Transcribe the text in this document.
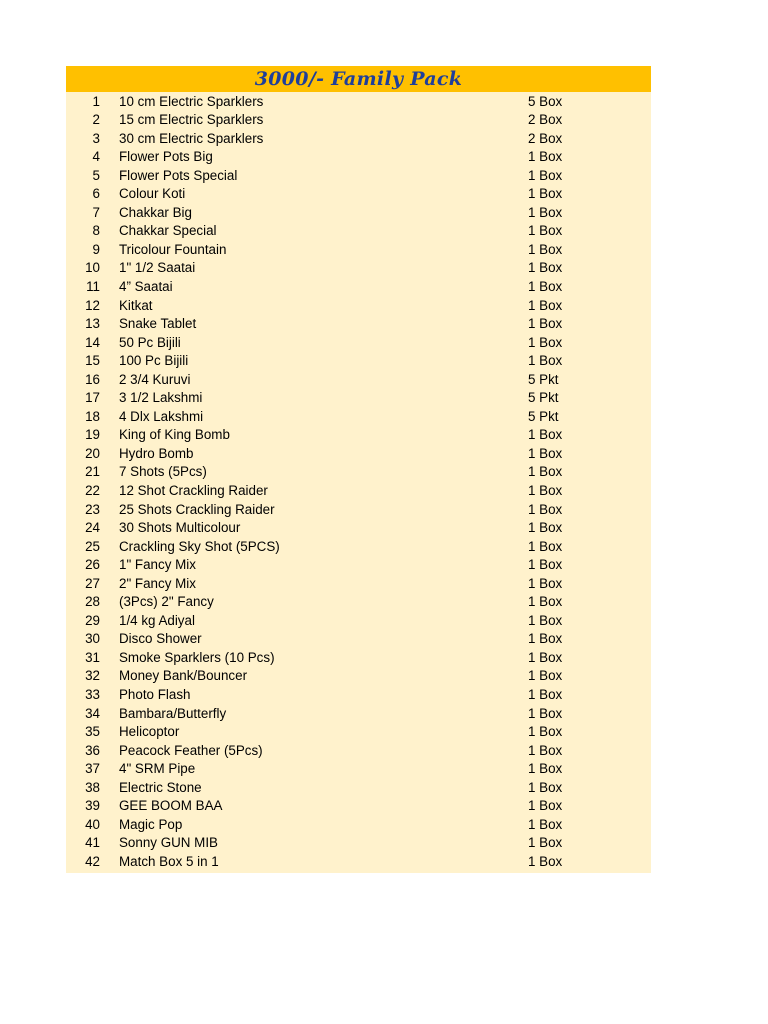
3000/- Family Pack
1 10 cm Electric Sparklers	5 Box
2 15 cm Electric Sparklers	2 Box
3 30 cm Electric Sparklers	2 Box
4 Flower Pots Big	1 Box
5 Flower Pots Special	1 Box
6 Colour Koti	1 Box
7 Chakkar Big	1 Box
8 Chakkar Special	1 Box
9 Tricolour Fountain	1 Box
10 1" 1/2 Saatai	1 Box
11 4” Saatai	1 Box
12 Kitkat	1 Box
13 Snake Tablet	1 Box
14 50 Pc Bijili	1 Box
15 100 Pc Bijili	1 Box
16 2 3/4 Kuruvi	5 Pkt
17 3 1/2 Lakshmi	5 Pkt
18 4 Dlx Lakshmi	5 Pkt
19 King of King Bomb	1 Box
20 Hydro Bomb	1 Box
21 7 Shots (5Pcs)	1 Box
22 12 Shot Crackling Raider	1 Box
23 25 Shots Crackling Raider	1 Box
24 30 Shots Multicolour	1 Box
25 Crackling Sky Shot (5PCS)	1 Box
26 1" Fancy Mix	1 Box
27 2" Fancy Mix	1 Box
28 (3Pcs) 2" Fancy	1 Box
29 1/4 kg Adiyal	1 Box
30 Disco Shower	1 Box
31 Smoke Sparklers (10 Pcs)	1 Box
32 Money Bank/Bouncer	1 Box
33 Photo Flash	1 Box
34 Bambara/Butterfly	1 Box
35 Helicoptor	1 Box
36 Peacock Feather (5Pcs)	1 Box
37 4" SRM Pipe	1 Box
38 Electric Stone	1 Box
39 GEE BOOM BAA	1 Box
40 Magic Pop	1 Box
41 Sonny GUN MIB	1 Box
42 Match Box 5 in 1	1 Box
